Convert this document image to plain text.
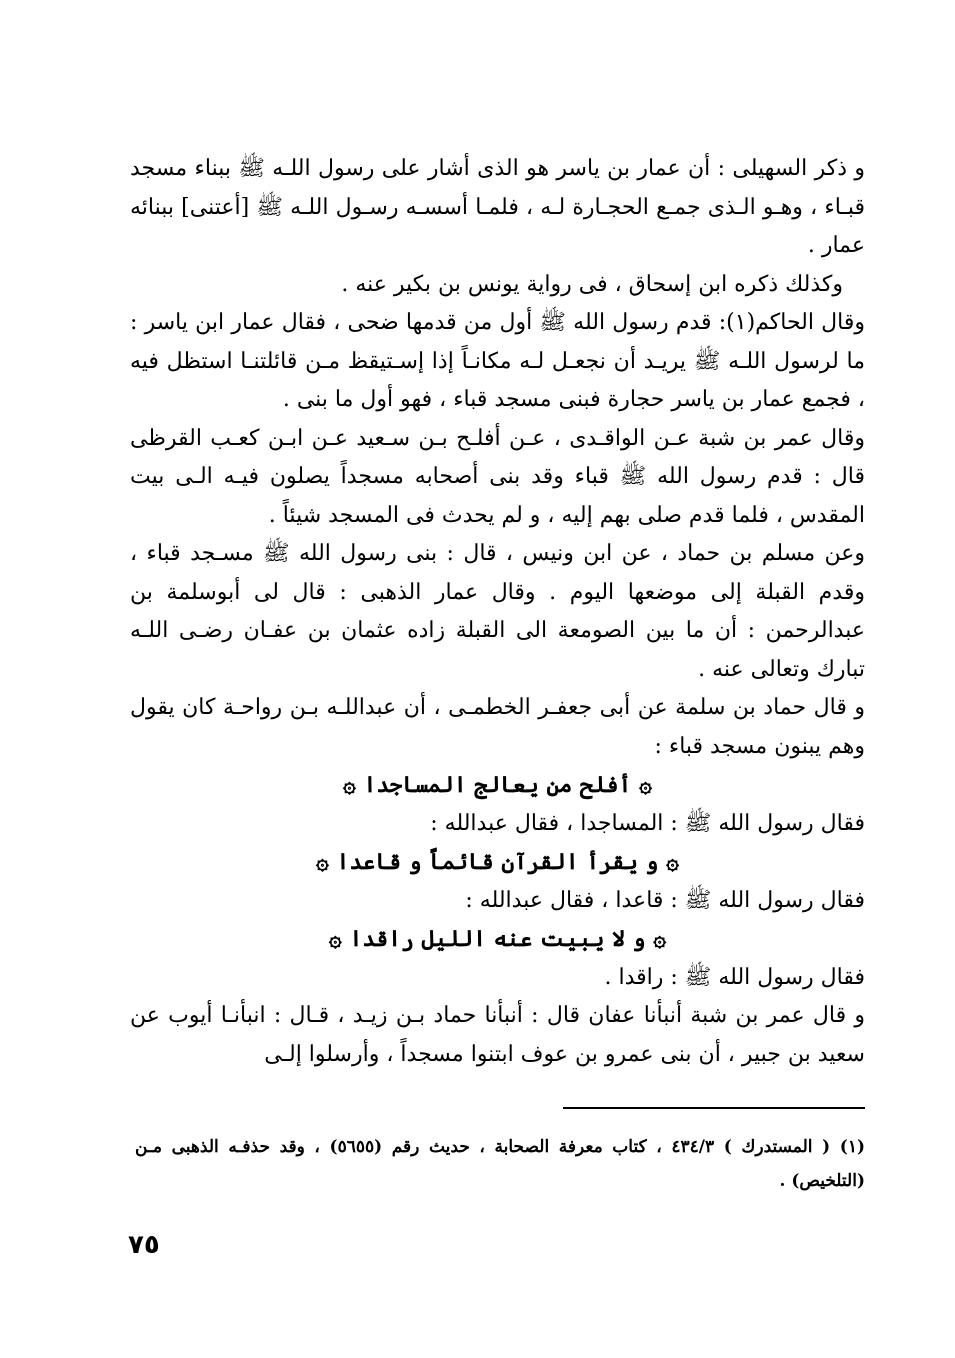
و ذكر السهيلى : أن عمار بن ياسر هو الذى أشار على رسول اللـه ﷺ ببناء مسجد قبـاء ، وهـو الـذى جمـع الحجـارة لـه ، فلمـا أسسـه رسـول اللـه ﷺ [أعتنى] ببنائه عمار .

وكذلك ذكره ابن إسحاق ، فى رواية يونس بن بكير عنه .

وقال الحاكم(١): قدم رسول الله ﷺ أول من قدمها ضحى ، فقال عمار ابن ياسر : ما لرسول اللـه ﷺ يريـد أن نجعـل لـه مكانـاً إذا إسـتيقظ مـن قائلتنـا استظل فيه ، فجمع عمار بن ياسر حجارة فبنى مسجد قباء ، فهو أول ما بنى .

وقال عمر بن شبة عـن الواقـدى ، عـن أفلـح بـن سـعيد عـن ابـن كعـب القرظى قال : قدم رسول الله ﷺ قباء وقد بنى أصحابه مسجداً يصلون فيـه الـى بيت المقدس ، فلما قدم صلى بهم إليه ، و لم يحدث فى المسجد شيئاً .

وعن مسلم بن حماد ، عن ابن ونيس ، قال : بنى رسول الله ﷺ مسـجد قباء ، وقدم القبلة إلى موضعها اليوم . وقال عمار الذهبى : قال لى أبوسلمة بن عبدالرحمن : أن ما بين الصومعة الى القبلة زاده عثمان بن عفـان رضـى اللـه تبارك وتعالى عنه .

و قال حماد بن سلمة عن أبى جعفـر الخطمـى ، أن عبداللـه بـن رواحـة كان يقول وهم يبنون مسجد قباء :

۞ أفلح من يعالج المساجدا ۞

فقال رسول الله ﷺ : المساجدا ، فقال عبدالله :

۞ و يقرأ القرآن قائماً و قاعدا ۞

فقال رسول الله ﷺ : قاعدا ، فقال عبدالله :

۞ و لا يبيت عنه الليل راقدا ۞

فقال رسول الله ﷺ : راقدا .

و قال عمر بن شبة أنبأنا عفان قال : أنبأنا حماد بـن زيـد ، قـال : انبأنـا أيوب عن سعيد بن جبير ، أن بنى عمرو بن عوف ابتنوا مسجداً ، وأرسلوا إلـى

(١) ( المستدرك ) ٤٣٤/٣ ، كتاب معرفة الصحابة ، حديث رقم (٥٦٥٥) ، وقد حذفـه الذهبى مـن (التلخيص) .
٧٥
